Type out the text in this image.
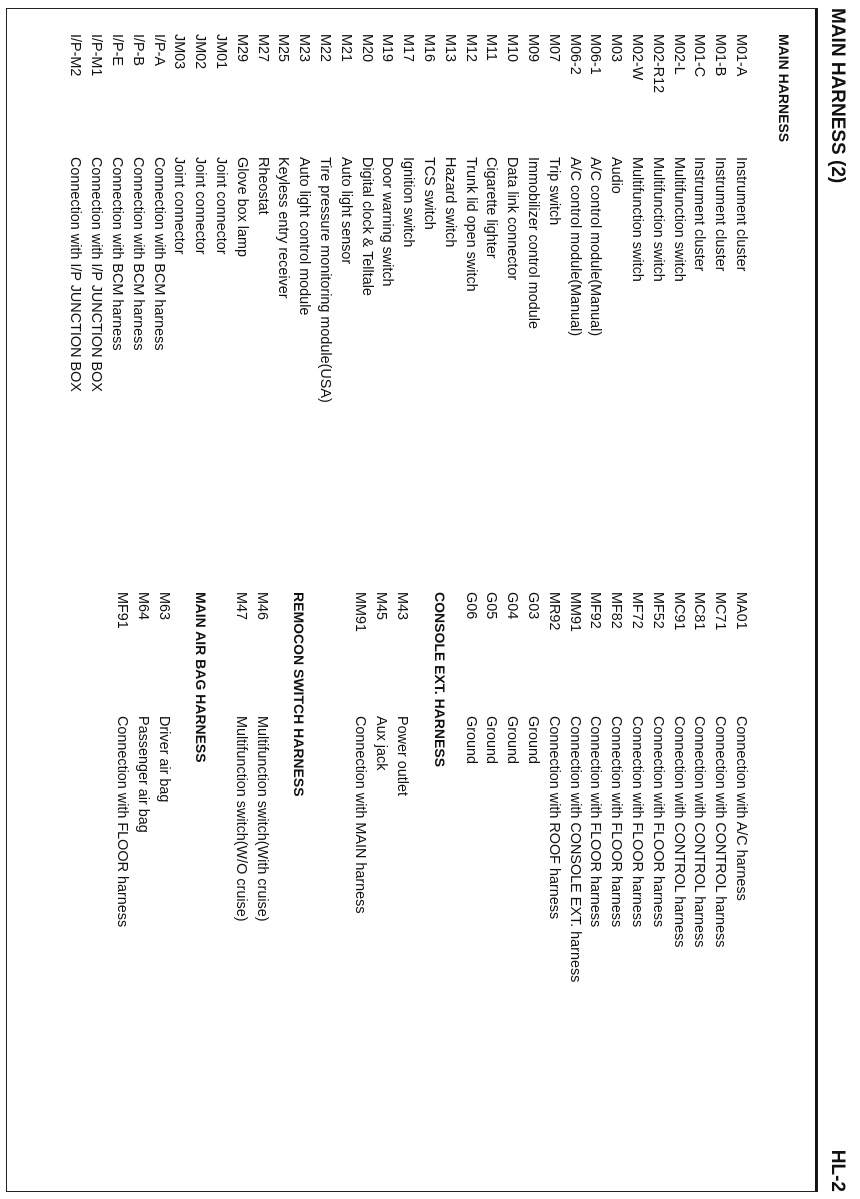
MAIN HARNESS (2)
HL-2
MAIN HARNESS
M01-A
Instrument cluster
M01-B
Instrument cluster
M01-C
Instrument cluster
M02-L
Multifunction switch
M02-R12
Multifunction switch
M02-W
Multifunction switch
M03
Audio
M06-1
A/C control module(Manual)
M06-2
A/C control module(Manual)
M07
Trip switch
M09
Immobilizer control module
M10
Data link connector
M11
Cigarette lighter
M12
Trunk lid open switch
M13
Hazard switch
M16
TCS switch
M17
Ignition switch
M19
Door warning switch
M20
Digital clock & Telltale
M21
Auto light sensor
M22
Tire pressure monitoring module(USA)
M23
Auto light control module
M25
Keyless entry receiver
M27
Rheostat
M29
Glove box lamp
JM01
Joint connector
JM02
Joint connector
JM03
Joint connector
I/P-A
Connection with BCM harness
I/P-B
Connection with BCM harness
I/P-E
Connection with BCM harness
I/P-M1
Connection with I/P JUNCTION BOX
I/P-M2
Connection with I/P JUNCTION BOX
MA01
Connection with A/C harness
MC71
Connection with CONTROL harness
MC81
Connection with CONTROL harness
MC91
Connection with CONTROL harness
MF52
Connection with FLOOR harness
MF72
Connection with FLOOR harness
MF82
Connection with FLOOR harness
MF92
Connection with FLOOR harness
MM91
Connection with CONSOLE EXT. harness
MR92
Connection with ROOF harness
G03
Ground
G04
Ground
G05
Ground
G06
Ground
CONSOLE EXT. HARNESS
M43
Power outlet
M45
Aux jack
MM91
Connection with MAIN harness
REMOCON SWITCH HARNESS
M46
Multifunction switch(With cruise)
M47
Multifunction switch(W/O cruise)
MAIN AIR BAG HARNESS
M63
Driver air bag
M64
Passenger air bag
MF91
Connection with FLOOR harness
